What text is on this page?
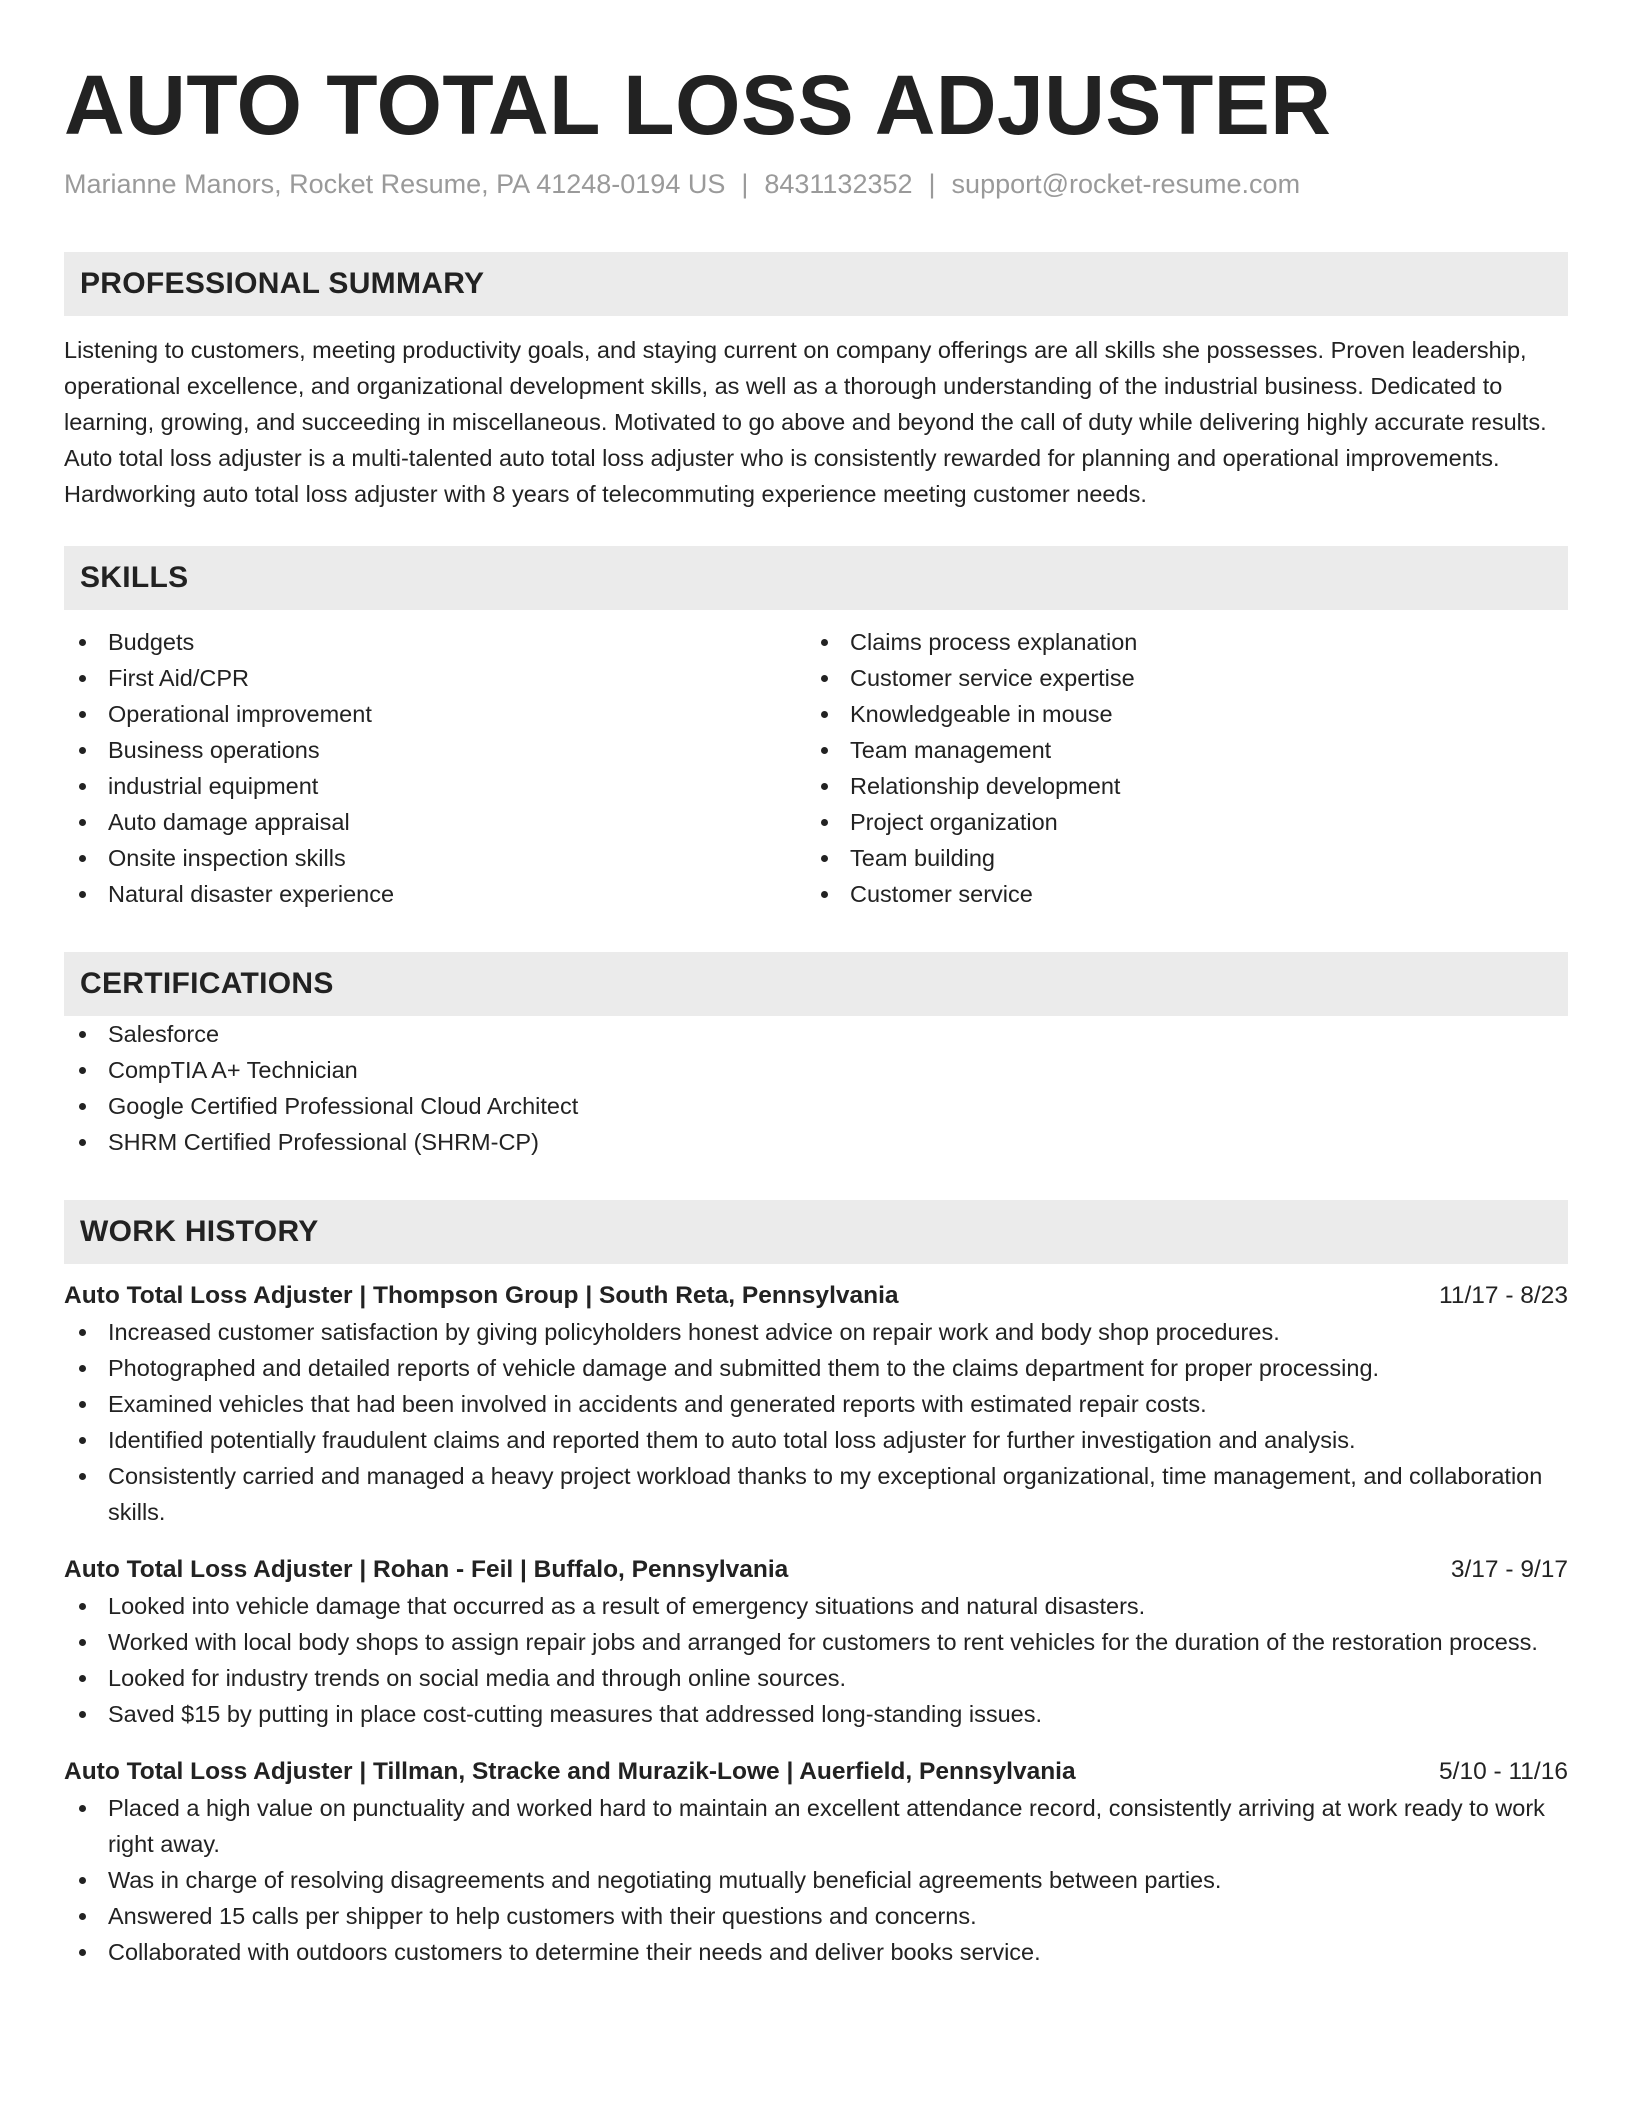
AUTO TOTAL LOSS ADJUSTER
Marianne Manors, Rocket Resume, PA 41248-0194 US | 8431132352 | support@rocket-resume.com
PROFESSIONAL SUMMARY

Listening to customers, meeting productivity goals, and staying current on company offerings are all skills she possesses. Proven leadership, operational excellence, and organizational development skills, as well as a thorough understanding of the industrial business. Dedicated to learning, growing, and succeeding in miscellaneous. Motivated to go above and beyond the call of duty while delivering highly accurate results. Auto total loss adjuster is a multi-talented auto total loss adjuster who is consistently rewarded for planning and operational improvements. Hardworking auto total loss adjuster with 8 years of telecommuting experience meeting customer needs.

SKILLS
Budgets
First Aid/CPR
Operational improvement
Business operations
industrial equipment
Auto damage appraisal
Onsite inspection skills
Natural disaster experience
Claims process explanation
Customer service expertise
Knowledgeable in mouse
Team management
Relationship development
Project organization
Team building
Customer service
CERTIFICATIONS
Salesforce
CompTIA A+ Technician
Google Certified Professional Cloud Architect
SHRM Certified Professional (SHRM-CP)
WORK HISTORY
Auto Total Loss Adjuster | Thompson Group | South Reta, Pennsylvania	11/17 - 8/23
Increased customer satisfaction by giving policyholders honest advice on repair work and body shop procedures.
Photographed and detailed reports of vehicle damage and submitted them to the claims department for proper processing.
Examined vehicles that had been involved in accidents and generated reports with estimated repair costs.
Identified potentially fraudulent claims and reported them to auto total loss adjuster for further investigation and analysis.
Consistently carried and managed a heavy project workload thanks to my exceptional organizational, time management, and collaboration skills.
Auto Total Loss Adjuster | Rohan - Feil | Buffalo, Pennsylvania	3/17 - 9/17
Looked into vehicle damage that occurred as a result of emergency situations and natural disasters.
Worked with local body shops to assign repair jobs and arranged for customers to rent vehicles for the duration of the restoration process.
Looked for industry trends on social media and through online sources.
Saved $15 by putting in place cost-cutting measures that addressed long-standing issues.
Auto Total Loss Adjuster | Tillman, Stracke and Murazik-Lowe | Auerfield, Pennsylvania	5/10 - 11/16
Placed a high value on punctuality and worked hard to maintain an excellent attendance record, consistently arriving at work ready to work right away.
Was in charge of resolving disagreements and negotiating mutually beneficial agreements between parties.
Answered 15 calls per shipper to help customers with their questions and concerns.
Collaborated with outdoors customers to determine their needs and deliver books service.
